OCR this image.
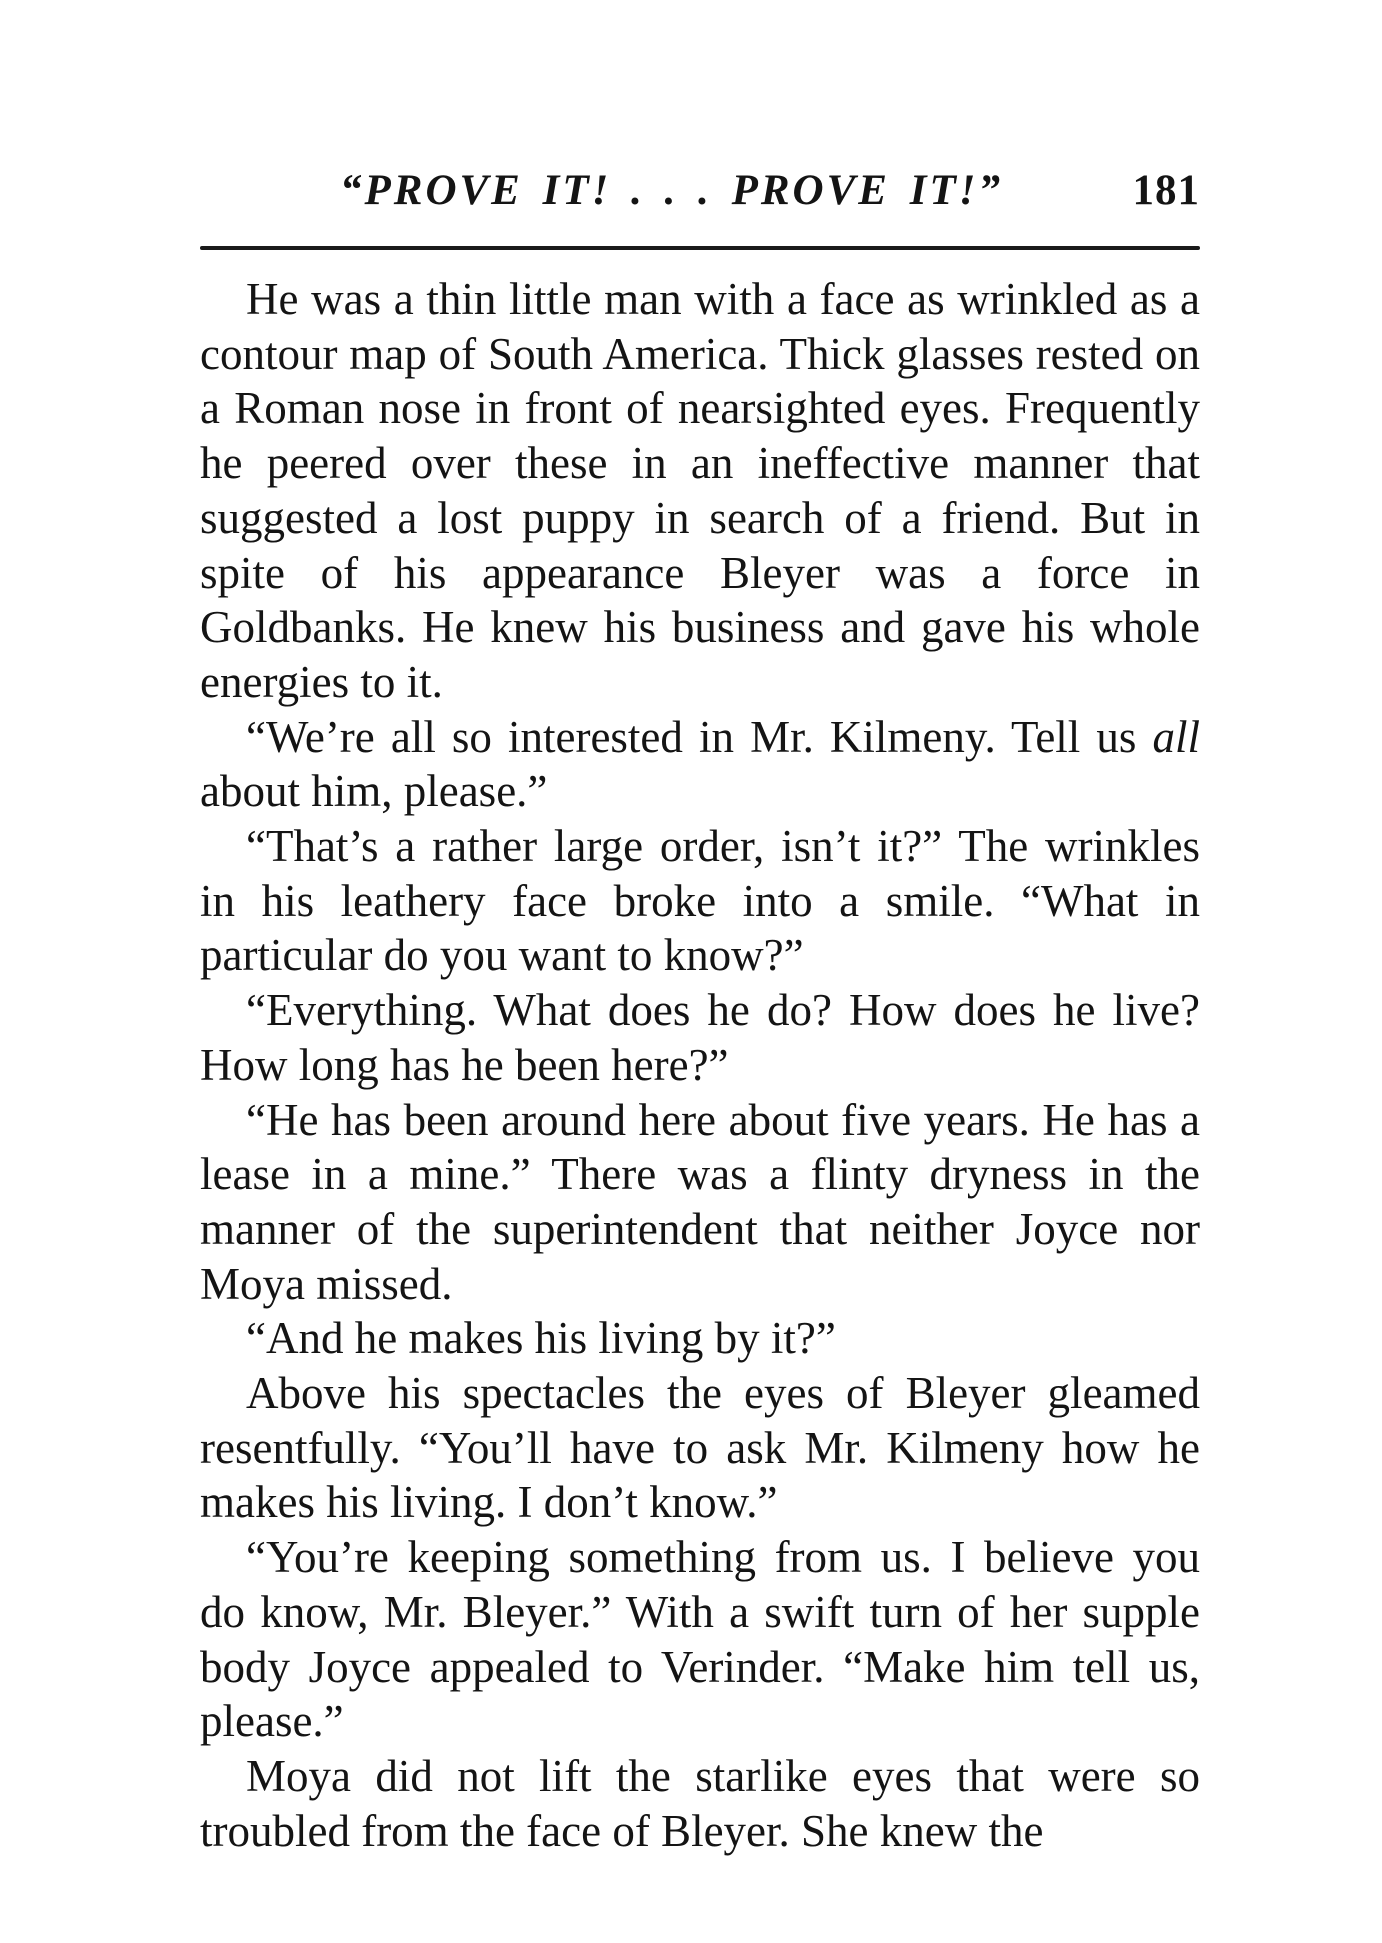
“PROVE IT! . . . PROVE IT!”	181

He was a thin little man with a face as wrinkled as a contour map of South America. Thick glasses rested on a Roman nose in front of nearsighted eyes. Frequently he peered over these in an ineffective manner that suggested a lost puppy in search of a friend. But in spite of his appearance Bleyer was a force in Goldbanks. He knew his business and gave his whole energies to it.

“We’re all so interested in Mr. Kilmeny. Tell us all about him, please.”

“That’s a rather large order, isn’t it?” The wrinkles in his leathery face broke into a smile. “What in particular do you want to know?”

“Everything. What does he do? How does he live? How long has he been here?”

“He has been around here about five years. He has a lease in a mine.” There was a flinty dryness in the manner of the superintendent that neither Joyce nor Moya missed.

“And he makes his living by it?”

Above his spectacles the eyes of Bleyer gleamed resentfully. “You’ll have to ask Mr. Kilmeny how he makes his living. I don’t know.”

“You’re keeping something from us. I believe you do know, Mr. Bleyer.” With a swift turn of her supple body Joyce appealed to Verinder. “Make him tell us, please.”

Moya did not lift the starlike eyes that were so troubled from the face of Bleyer. She knew the
